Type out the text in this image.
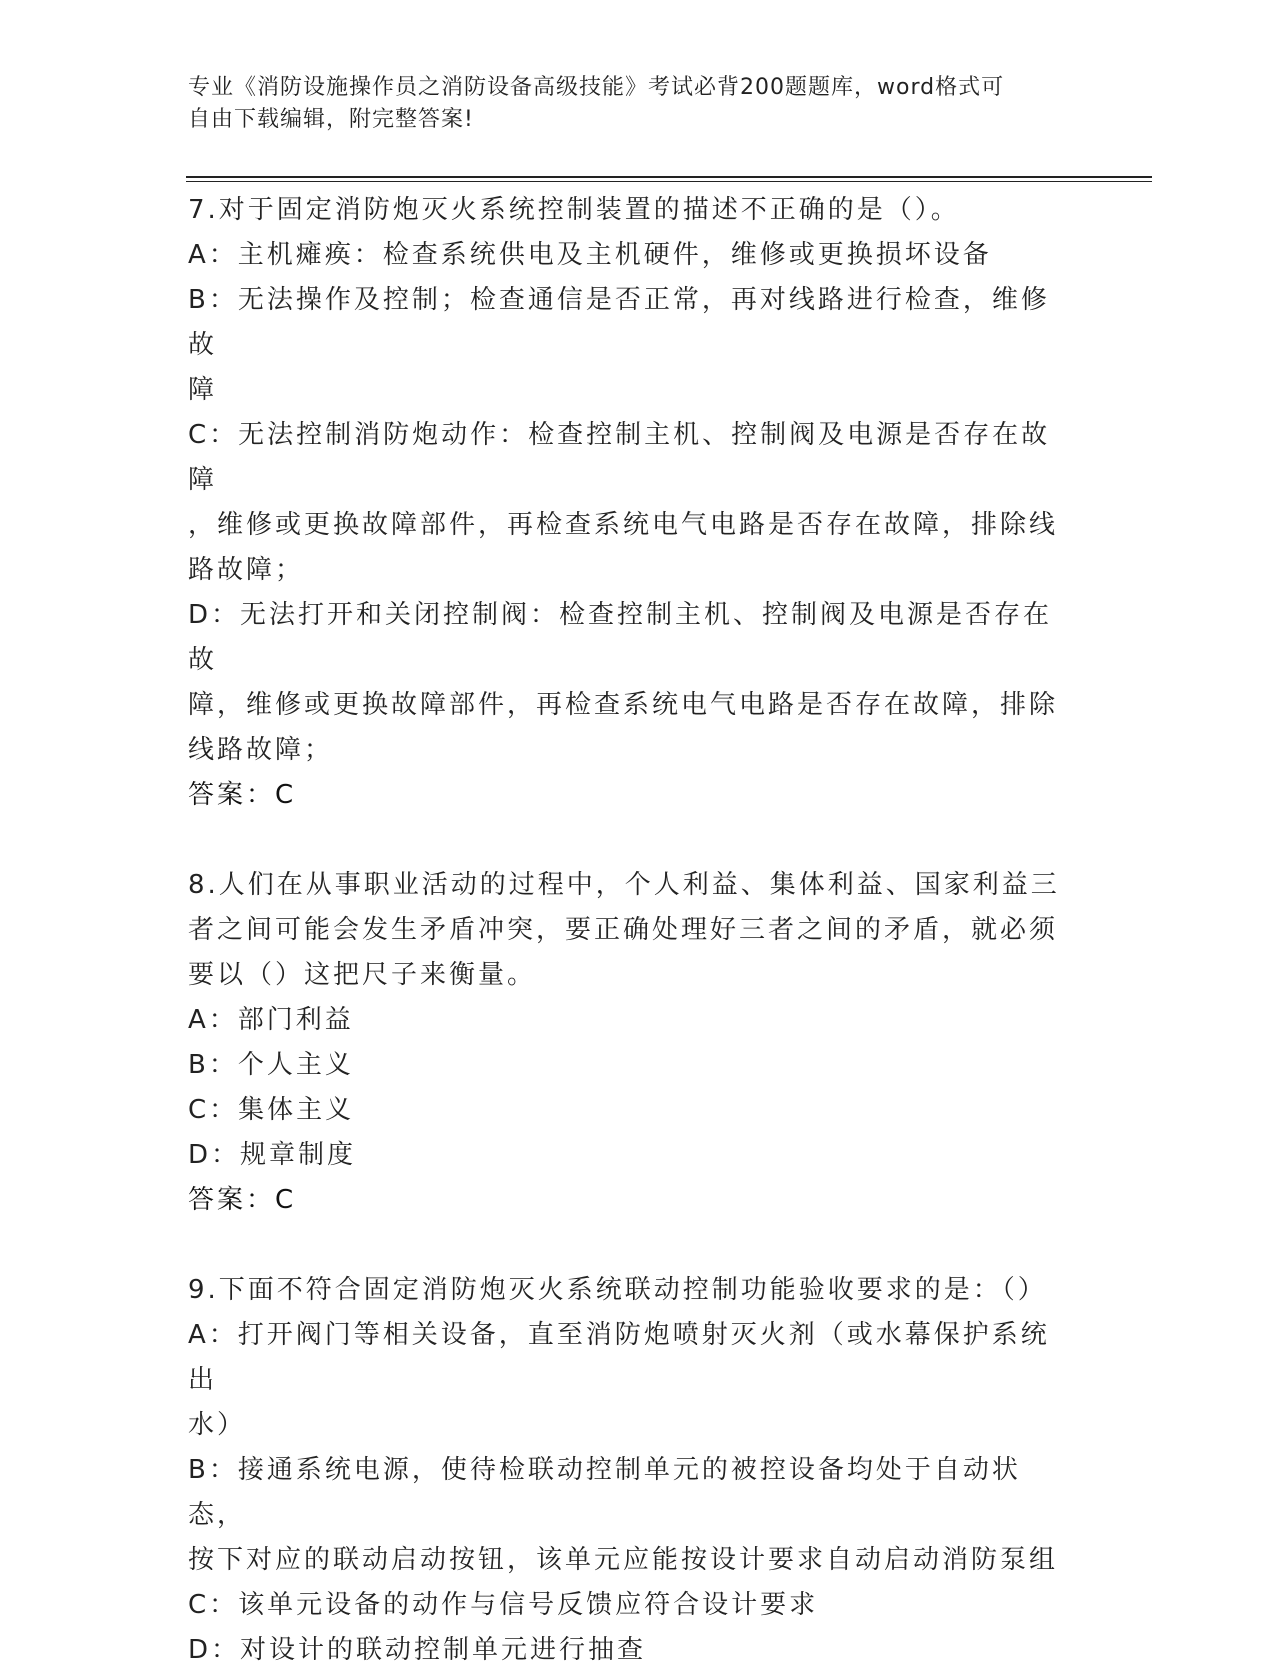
专业《消防设施操作员之消防设备高级技能》考试必背200题题库，word格式可
自由下载编辑，附完整答案!
7.对于固定消防炮灭火系统控制装置的描述不正确的是（）。
A：主机瘫痪：检查系统供电及主机硬件，维修或更换损坏设备
B：无法操作及控制；检查通信是否正常，再对线路进行检查，维修故
障
C：无法控制消防炮动作：检查控制主机、控制阀及电源是否存在故障
，维修或更换故障部件，再检查系统电气电路是否存在故障，排除线
路故障；
D：无法打开和关闭控制阀：检查控制主机、控制阀及电源是否存在故
障，维修或更换故障部件，再检查系统电气电路是否存在故障，排除
线路故障；
答案：C
8.人们在从事职业活动的过程中，个人利益、集体利益、国家利益三
者之间可能会发生矛盾冲突，要正确处理好三者之间的矛盾，就必须
要以（）这把尺子来衡量。
A：部门利益
B：个人主义
C：集体主义
D：规章制度
答案：C
9.下面不符合固定消防炮灭火系统联动控制功能验收要求的是：（）
A：打开阀门等相关设备，直至消防炮喷射灭火剂（或水幕保护系统出
水）
B：接通系统电源，使待检联动控制单元的被控设备均处于自动状态，
按下对应的联动启动按钮，该单元应能按设计要求自动启动消防泵组
C：该单元设备的动作与信号反馈应符合设计要求
D：对设计的联动控制单元进行抽查
